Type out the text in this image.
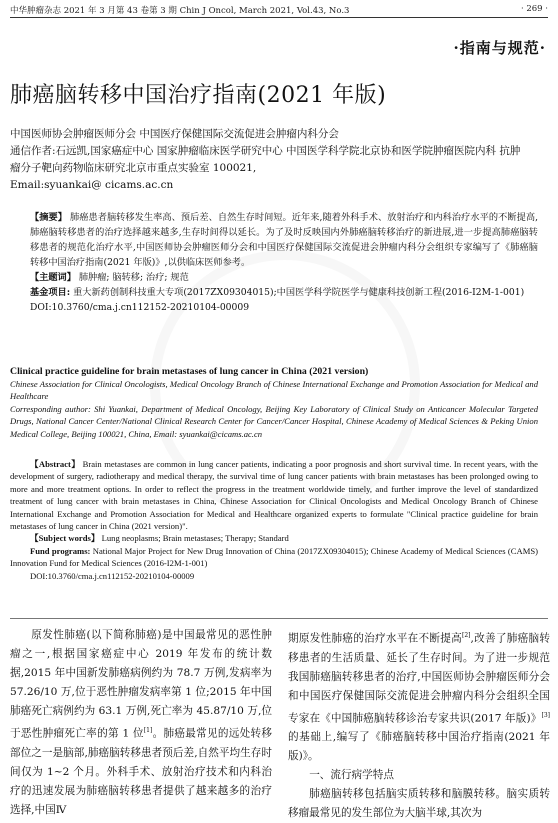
中华肿瘤杂志 2021 年 3 月第 43 卷第 3 期 Chin J Oncol, March 2021, Vol.43, No.3	· 269 ·
·指南与规范·
肺癌脑转移中国治疗指南(2021 年版)
中国医师协会肿瘤医师分会 中国医疗保健国际交流促进会肿瘤内科分会
通信作者:石远凯,国家癌症中心 国家肿瘤临床医学研究中心 中国医学科学院北京协和医学院肿瘤医院内科 抗肿瘤分子靶向药物临床研究北京市重点实验室 100021,
Email:syuankai@ cicams.ac.cn
【摘要】 肺癌患者脑转移发生率高、预后差、自然生存时间短。近年来,随着外科手术、放射治疗和内科治疗水平的不断提高,肺癌脑转移患者的治疗选择越来越多,生存时间得以延长。为了及时反映国内外肺癌脑转移治疗的新进展,进一步提高肺癌脑转移患者的规范化治疗水平,中国医师协会肿瘤医师分会和中国医疗保健国际交流促进会肿瘤内科分会组织专家编写了《肺癌脑转移中国治疗指南(2021 年版)》,以供临床医师参考。
【主题词】 肺肿瘤; 脑转移; 治疗; 规范
基金项目: 重大新药创制科技重大专项(2017ZX09304015);中国医学科学院医学与健康科技创新工程(2016-I2M-1-001)
DOI:10.3760/cma.j.cn112152-20210104-00009
Clinical practice guideline for brain metastases of lung cancer in China (2021 version)
Chinese Association for Clinical Oncologists, Medical Oncology Branch of Chinese International Exchange and Promotion Association for Medical and Healthcare
Corresponding author: Shi Yuankai, Department of Medical Oncology, Beijing Key Laboratory of Clinical Study on Anticancer Molecular Targeted Drugs, National Cancer Center/National Clinical Research Center for Cancer/Cancer Hospital, Chinese Academy of Medical Sciences & Peking Union Medical College, Beijing 100021, China, Email: syuankai@cicams.ac.cn
【Abstract】 Brain metastases are common in lung cancer patients, indicating a poor prognosis and short survival time. In recent years, with the development of surgery, radiotherapy and medical therapy, the survival time of lung cancer patients with brain metastases has been prolonged owing to more and more treatment options. In order to reflect the progress in the treatment worldwide timely, and further improve the level of standardized treatment of lung cancer with brain metastases in China, Chinese Association for Clinical Oncologists and Medical Oncology Branch of Chinese International Exchange and Promotion Association for Medical and Healthcare organized experts to formulate "Clinical practice guideline for brain metastases of lung cancer in China (2021 version)".
【Subject words】 Lung neoplasms; Brain metastases; Therapy; Standard
Fund programs: National Major Project for New Drug Innovation of China (2017ZX09304015); Chinese Academy of Medical Sciences (CAMS) Innovation Fund for Medical Sciences (2016-I2M-1-001)
DOI:10.3760/cma.j.cn112152-20210104-00009
原发性肺癌(以下简称肺癌)是中国最常见的恶性肿瘤之一,根据国家癌症中心 2019 年发布的统计数据,2015 年中国新发肺癌病例约为 78.7 万例,发病率为 57.26/10 万,位于恶性肿瘤发病率第 1 位;2015 年中国肺癌死亡病例约为 63.1 万例,死亡率为 45.87/10 万,位于恶性肿瘤死亡率的第 1 位[1]。肺癌最常见的远处转移部位之一是脑部,肺癌脑转移患者预后差,自然平均生存时间仅为 1~2 个月。外科手术、放射治疗技术和内科治疗的迅速发展为肺癌脑转移患者提供了越来越多的治疗选择,中国Ⅳ

期原发性肺癌的治疗水平在不断提高[2],改善了肺癌脑转移患者的生活质量、延长了生存时间。为了进一步规范我国肺癌脑转移患者的治疗,中国医师协会肿瘤医师分会和中国医疗保健国际交流促进会肿瘤内科分会组织全国专家在《中国肺癌脑转移诊治专家共识(2017 年版)》[3]的基础上,编写了《肺癌脑转移中国治疗指南(2021 年版)》。

一、流行病学特点

肺癌脑转移包括脑实质转移和脑膜转移。脑实质转移瘤最常见的发生部位为大脑半球,其次为
